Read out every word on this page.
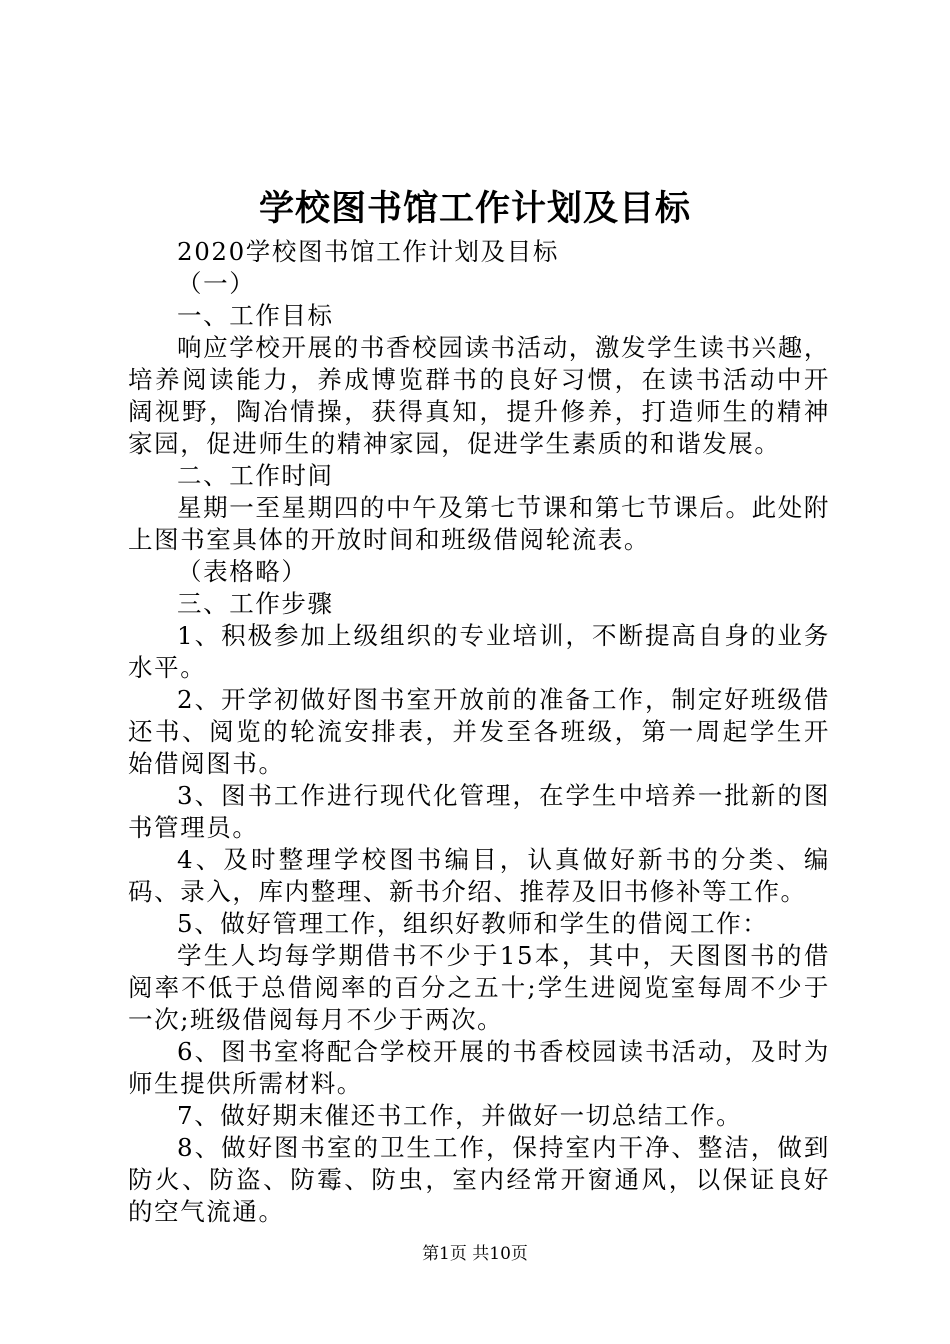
学校图书馆工作计划及目标

2020学校图书馆工作计划及目标

（一）

一、工作目标

响应学校开展的书香校园读书活动，激发学生读书兴趣，培养阅读能力，养成博览群书的良好习惯，在读书活动中开阔视野，陶冶情操，获得真知，提升修养，打造师生的精神家园，促进师生的精神家园，促进学生素质的和谐发展。

二、工作时间

星期一至星期四的中午及第七节课和第七节课后。此处附上图书室具体的开放时间和班级借阅轮流表。

（表格略）

三、工作步骤

1、积极参加上级组织的专业培训，不断提高自身的业务水平。

2、开学初做好图书室开放前的准备工作，制定好班级借还书、阅览的轮流安排表，并发至各班级，第一周起学生开始借阅图书。

3、图书工作进行现代化管理，在学生中培养一批新的图书管理员。

4、及时整理学校图书编目，认真做好新书的分类、编码、录入，库内整理、新书介绍、推荐及旧书修补等工作。

5、做好管理工作，组织好教师和学生的借阅工作：

学生人均每学期借书不少于15本，其中，天图图书的借阅率不低于总借阅率的百分之五十;学生进阅览室每周不少于一次;班级借阅每月不少于两次。

6、图书室将配合学校开展的书香校园读书活动，及时为师生提供所需材料。

7、做好期末催还书工作，并做好一切总结工作。

8、做好图书室的卫生工作，保持室内干净、整洁，做到防火、防盗、防霉、防虫，室内经常开窗通风，以保证良好的空气流通。

第1页 共10页
